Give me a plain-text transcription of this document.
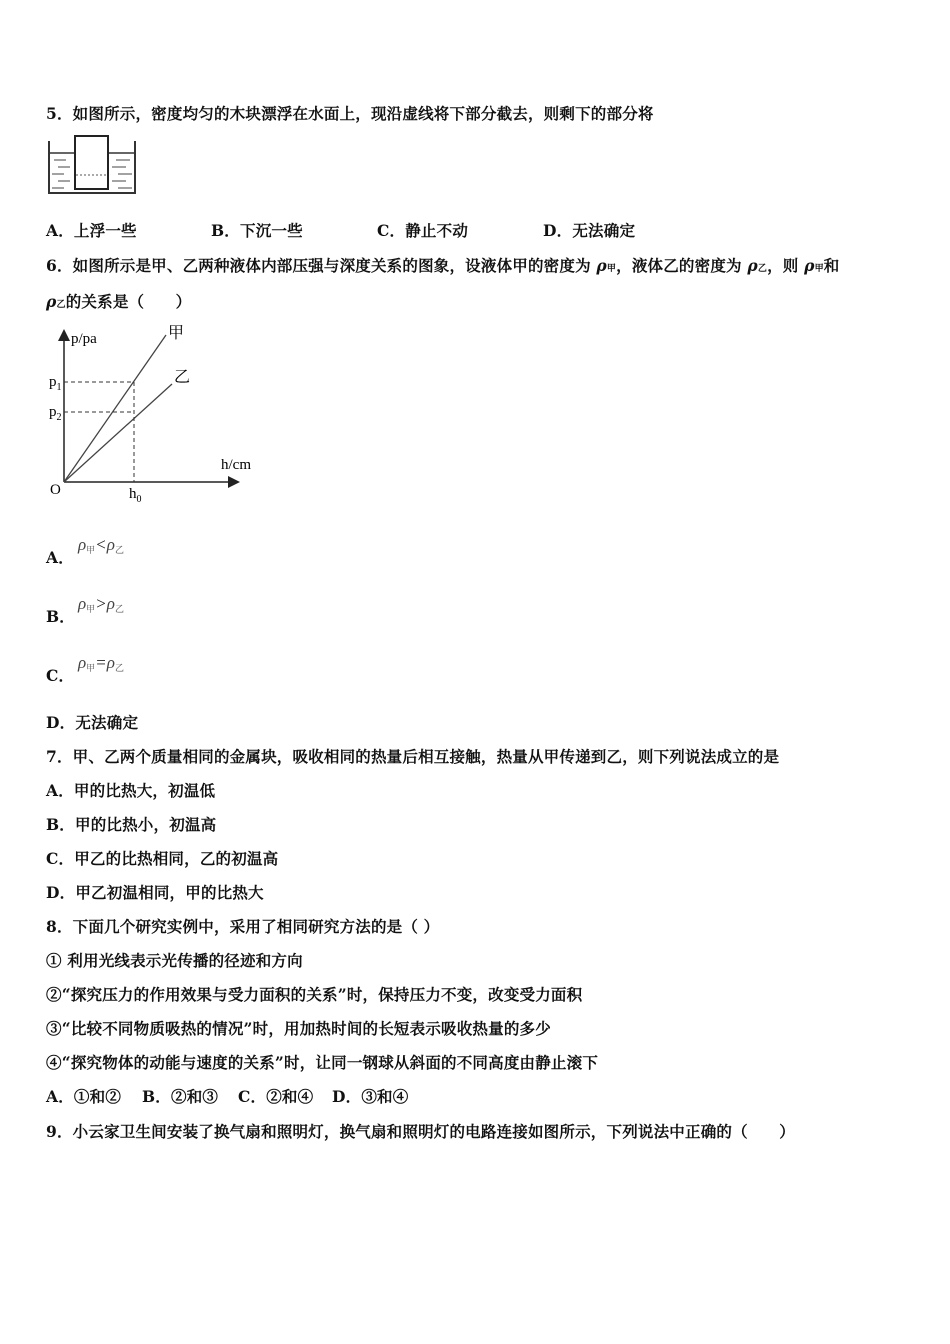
5．如图所示，密度均匀的木块漂浮在水面上，现沿虚线将下部分截去，则剩下的部分将
A．上浮一些	B．下沉一些	C．静止不动	D．无法确定
6．如图所示是甲、乙两种液体内部压强与深度关系的图象，设液体甲的密度为 ρ甲，液体乙的密度为 ρ乙，则 ρ甲和
ρ乙的关系是（　　）
p/pa
h/cm
O
$p_1$
$p_2$
$h_0$
甲
乙
A．
ρ甲<ρ乙
B．
ρ甲>ρ乙
C．
ρ甲=ρ乙
D．无法确定
7．甲、乙两个质量相同的金属块，吸收相同的热量后相互接触，热量从甲传递到乙，则下列说法成立的是
A．甲的比热大，初温低
B．甲的比热小，初温高
C．甲乙的比热相同，乙的初温高
D．甲乙初温相同，甲的比热大
8．下面几个研究实例中，采用了相同研究方法的是（ ）
① 利用光线表示光传播的径迹和方向
②“探究压力的作用效果与受力面积的关系”时，保持压力不变，改变受力面积
③“比较不同物质吸热的情况”时，用加热时间的长短表示吸收热量的多少
④“探究物体的动能与速度的关系”时，让同一钢球从斜面的不同高度由静止滚下
A．①和② B．②和③ C．②和④ D．③和④
9．小云家卫生间安装了换气扇和照明灯，换气扇和照明灯的电路连接如图所示，下列说法中正确的（　　）
